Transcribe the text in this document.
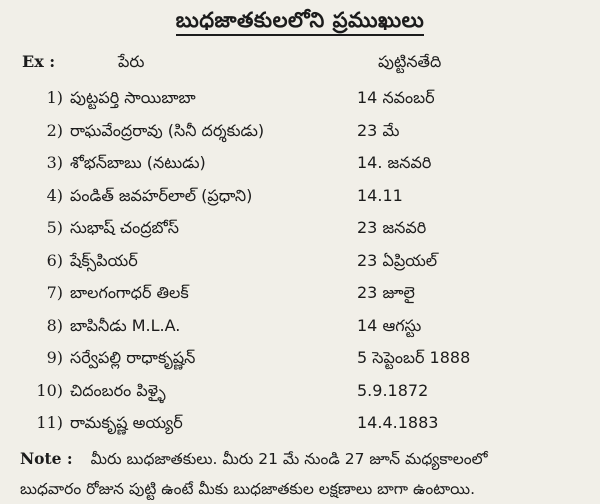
బుధజాతకులలోని ప్రముఖులు
Ex :	పేరు	పుట్టినతేది
1) పుట్టపర్తి సాయిబాబా	14 నవంబర్
2) రాఘవేంద్రరావు (సినీ దర్శకుడు)	23 మే
3) శోభన్‌బాబు (నటుడు)	14. జనవరి
4) పండిత్ జవహర్‌లాల్ (ప్రధాని)	14.11
5) సుభాష్ చంద్రబోస్	23 జనవరి
6) షేక్స్‌పియర్	23 ఏప్రియల్
7) బాలగంగాధర్ తిలక్	23 జూలై
8) బాపినీడు M.L.A.	14 ఆగస్టు
9) సర్వేపల్లి రాధాకృష్ణన్	5 సెప్టెంబర్ 1888
10) చిదంబరం పిళ్ళై	5.9.1872
11) రామకృష్ణ అయ్యర్	14.4.1883
Note : మీరు బుధజాతకులు. మీరు 21 మే నుండి 27 జూన్ మధ్యకాలంలో
బుధవారం రోజున పుట్టి ఉంటే మీకు బుధజాతకుల లక్షణాలు బాగా ఉంటాయి.
